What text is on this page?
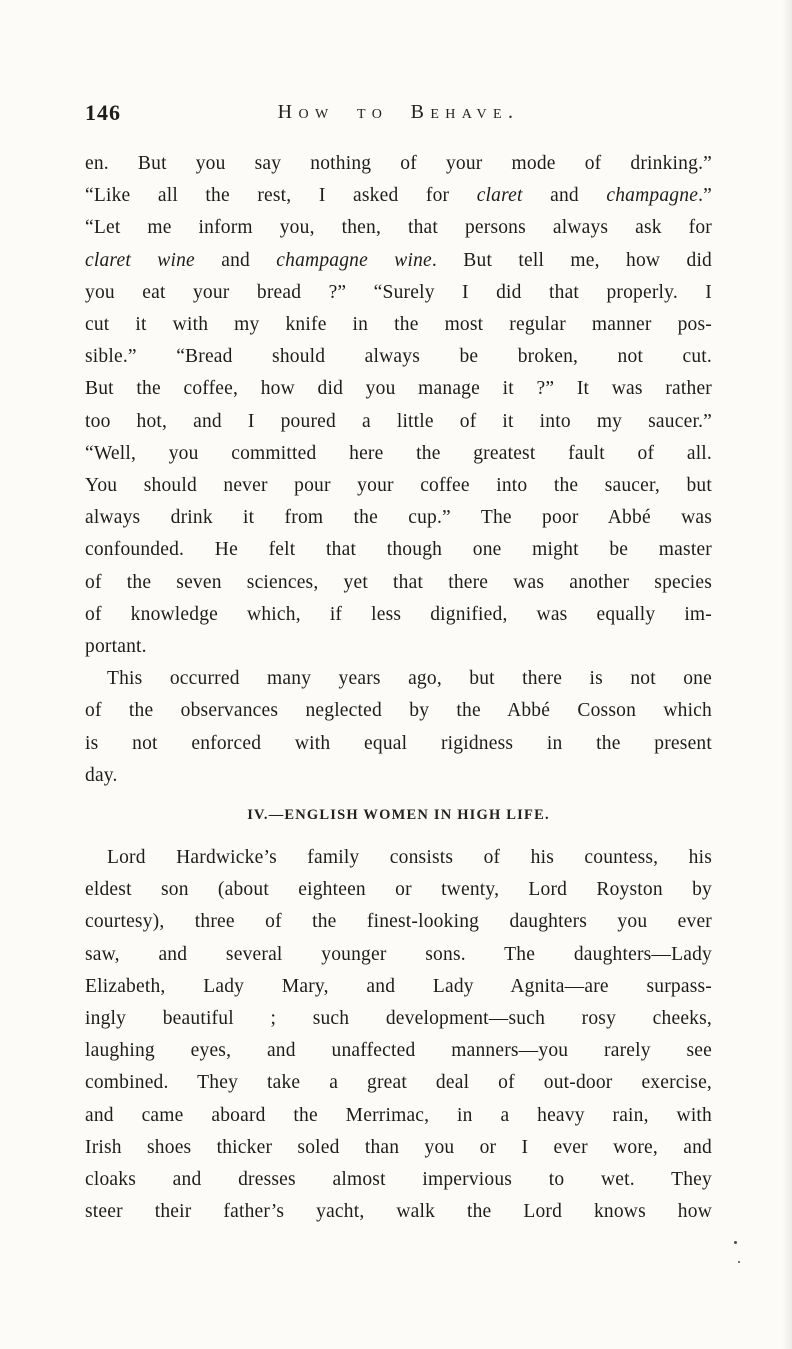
146	How to Behave.
en. But you say nothing of your mode of drinking.”
“Like all the rest, I asked for claret and champagne.”
“Let me inform you, then, that persons always ask for
claret wine and champagne wine. But tell me, how did
you eat your bread ?” “Surely I did that properly. I
cut it with my knife in the most regular manner pos-
sible.” “Bread should always be broken, not cut.
But the coffee, how did you manage it ?” It was rather
too hot, and I poured a little of it into my saucer.”
“Well, you committed here the greatest fault of all.
You should never pour your coffee into the saucer, but
always drink it from the cup.” The poor Abbé was
confounded. He felt that though one might be master
of the seven sciences, yet that there was another species
of knowledge which, if less dignified, was equally im-
portant.
This occurred many years ago, but there is not one
of the observances neglected by the Abbé Cosson which
is not enforced with equal rigidness in the present
day.
IV.—ENGLISH WOMEN IN HIGH LIFE.
Lord Hardwicke’s family consists of his countess, his
eldest son (about eighteen or twenty, Lord Royston by
courtesy), three of the finest-looking daughters you ever
saw, and several younger sons. The daughters—Lady
Elizabeth, Lady Mary, and Lady Agnita—are surpass-
ingly beautiful ; such development—such rosy cheeks,
laughing eyes, and unaffected manners—you rarely see
combined. They take a great deal of out-door exercise,
and came aboard the Merrimac, in a heavy rain, with
Irish shoes thicker soled than you or I ever wore, and
cloaks and dresses almost impervious to wet. They
steer their father’s yacht, walk the Lord knows how
